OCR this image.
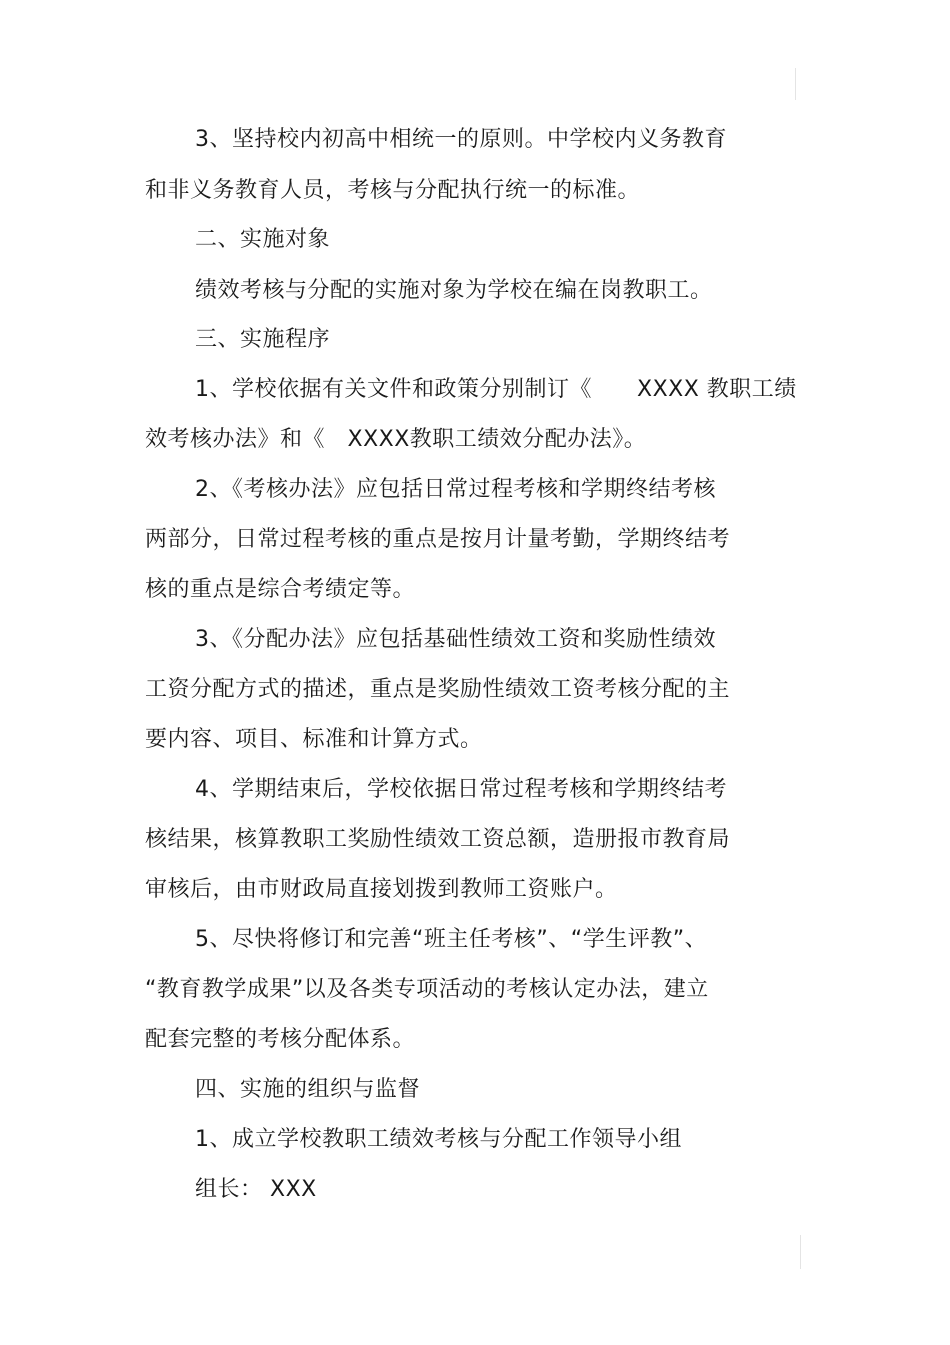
3、坚持校内初高中相统一的原则。中学校内义务教育
和非义务教育人员，考核与分配执行统一的标准。
二、实施对象
绩效考核与分配的实施对象为学校在编在岗教职工。
三、实施程序
1、学校依据有关文件和政策分别制订《　　XXXX 教职工绩
效考核办法》和《　XXXX教职工绩效分配办法》。
2、《考核办法》应包括日常过程考核和学期终结考核
两部分，日常过程考核的重点是按月计量考勤，学期终结考
核的重点是综合考绩定等。
3、《分配办法》应包括基础性绩效工资和奖励性绩效
工资分配方式的描述，重点是奖励性绩效工资考核分配的主
要内容、项目、标准和计算方式。
4、学期结束后，学校依据日常过程考核和学期终结考
核结果，核算教职工奖励性绩效工资总额，造册报市教育局
审核后，由市财政局直接划拨到教师工资账户。
5、尽快将修订和完善“班主任考核”、“学生评教”、
“教育教学成果”以及各类专项活动的考核认定办法，建立
配套完整的考核分配体系。
四、实施的组织与监督
1、成立学校教职工绩效考核与分配工作领导小组
组长： XXX
